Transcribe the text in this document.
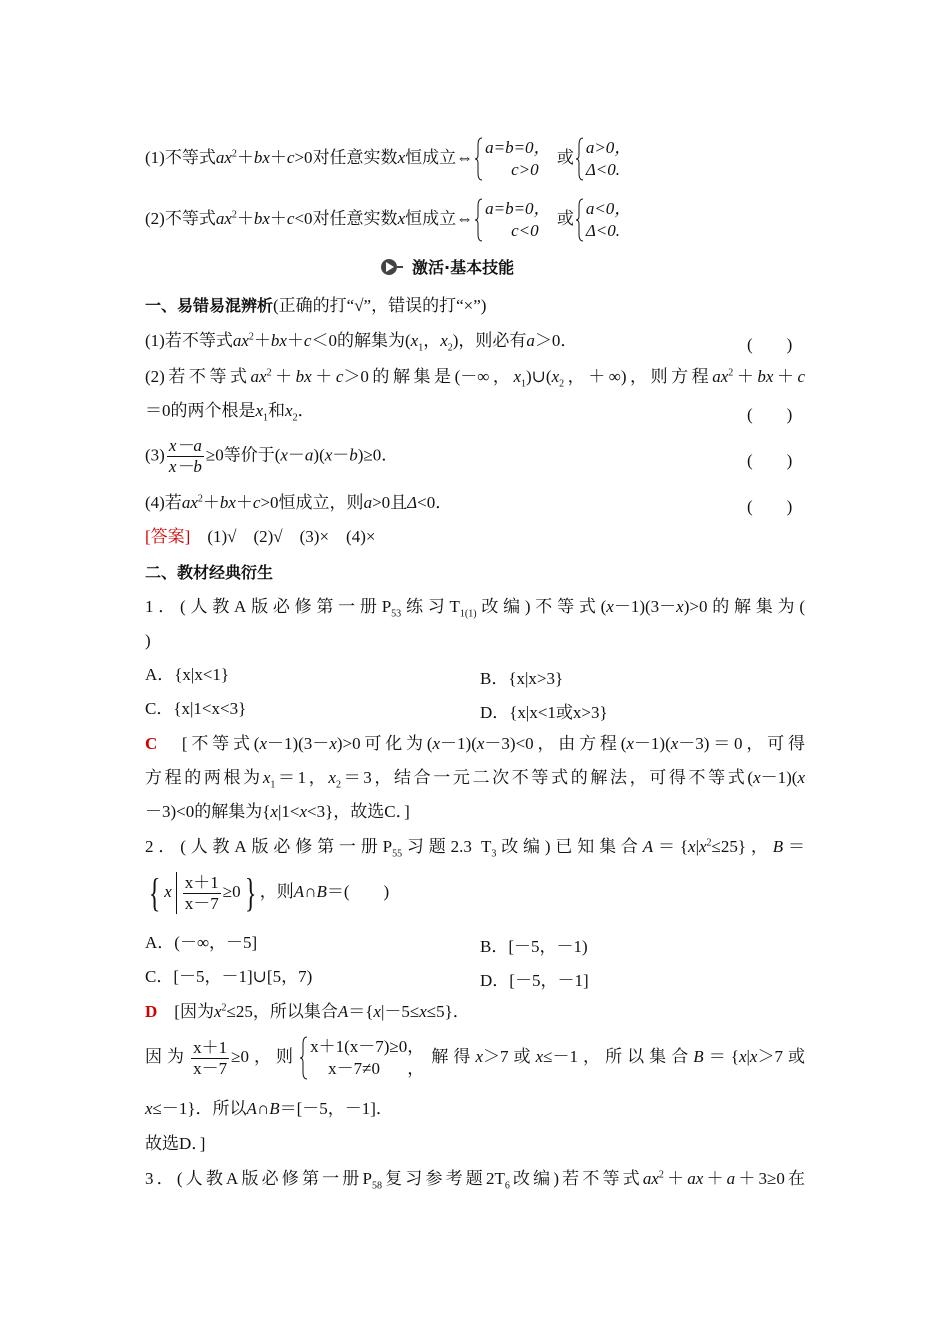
(1)不等式$ax^2+bx+c>0$对任意实数x恒成立⇔
a=b=0，
c>0
或
a>0，
Δ<0.
(2)不等式$ax^2+bx+c<0$对任意实数x恒成立⇔
a=b=0，
c<0
或
a<0，
Δ<0.
激活·基本技能
一、易错易混辨析(正确的打“√”，错误的打“×”)
(1)若不等式$ax^2+bx+c<0$的解集为($x_1$，$x_2$)，则必有a＞0．	(　　)
(2)若不等式$ax^2+bx+c>0$的解集是(－∞，$x_1)\cup(x_2$，＋∞)，则方程$ax^2+bx+c$
＝0的两个根是$x_1$和$x_2$．	(　　)
$(3) \frac{x-a}{x-b} \ge 0$等价于(x－a)(x－b)≥0．	(　　)
(4)若$ax^2+bx+c>0$恒成立，则a>0且Δ<0．	(　　)
[答案]　 (1)√　(2)√　(3)×　(4)×
二、教材经典衍生
1．(人教A版必修第一册$P_{53}$练习$T_{1(1)}$改编)不等式(x－1)(3－x)>0的解集为(
)
A．{x|x<1}	B．{x|x>3}
C．{x|1<x<3}	D．{x|x<1或x>3}
C　[不等式(x－1)(3－x)>0可化为(x－1)(x－3)<0，由方程(x－1)(x－3)＝0，可得
方程的两根为$x_1=1$，$x_2=3$，结合一元二次不等式的解法，可得不等式(x－1)(x
－3)<0的解集为{x|1<x<3}，故选C．]
2．(人教A版必修第一册$P_{55}$习题2.3 $T_3$改编)已知集合$A=\{x|x^2\le 25\}$，B＝
{ x $\frac{x+1}{x-7} \ge 0$} ，则A∩B＝(　　)
A．(－∞，－5]	B．[－5，－1)
C．[－5，－1]∪[5，7)	D．[－5，－1]
D　[因为$x^2\le 25$，所以集合A＝{x|－5≤x≤5}．
因为 $\frac{x+1}{x-7} \ge 0$，则
x＋1(x－7)≥0，
x－7≠0，
解得x＞7或x≤－1，所以集合B＝{x|x＞7或
x≤－1}．所以A∩B＝[－5，－1]．
故选D．]
3．(人教A版必修第一册$P_{58}$复习参考题$2T_6$改编)若不等式$ax^2+ax+a+3\ge 0$在
